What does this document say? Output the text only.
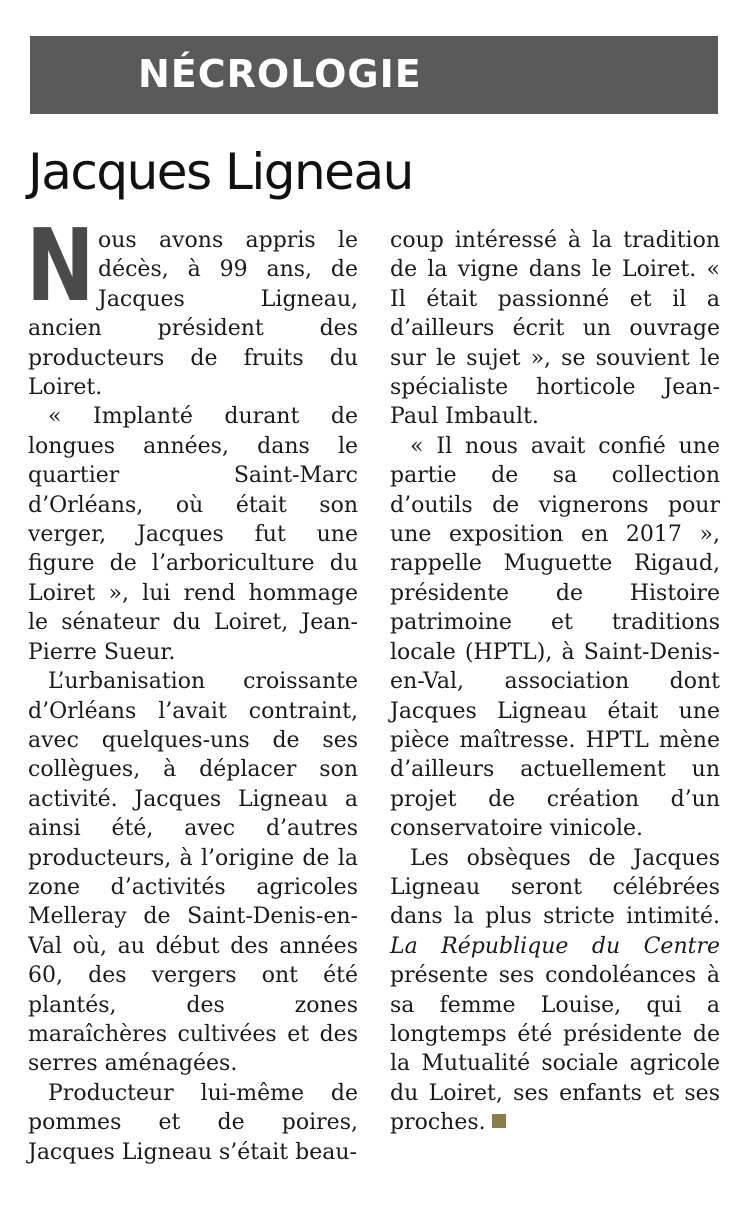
NÉCROLOGIE
Jacques Ligneau

Nous avons appris le décès, à 99 ans, de Jacques Ligneau, ancien président des producteurs de fruits du Loiret.

« Implanté durant de longues années, dans le quartier Saint-Marc d’Orléans, où était son verger, Jacques fut une figure de l’arboriculture du Loiret », lui rend hommage le sénateur du Loiret, Jean-Pierre Sueur.

L’urbanisation croissante d’Orléans l’avait contraint, avec quelques-uns de ses collègues, à déplacer son activité. Jacques Ligneau a ainsi été, avec d’autres producteurs, à l’origine de la zone d’activités agricoles Melleray de Saint-Denis-en-Val où, au début des années 60, des vergers ont été plantés, des zones maraîchères cultivées et des serres aménagées.

Producteur lui-même de pommes et de poires, Jacques Ligneau s’était beau-

coup intéressé à la tradition de la vigne dans le Loiret. « Il était passionné et il a d’ailleurs écrit un ouvrage sur le sujet », se souvient le spécialiste horticole Jean-Paul Imbault.

« Il nous avait confié une partie de sa collection d’outils de vignerons pour une exposition en 2017 », rappelle Muguette Rigaud, présidente de Histoire patrimoine et traditions locale (HPTL), à Saint-Denis-en-Val, association dont Jacques Ligneau était une pièce maîtresse. HPTL mène d’ailleurs actuellement un projet de création d’un conservatoire vinicole.

Les obsèques de Jacques Ligneau seront célébrées dans la plus stricte intimité. La République du Centre présente ses condoléances à sa femme Louise, qui a longtemps été présidente de la Mutualité sociale agricole du Loiret, ses enfants et ses proches.
